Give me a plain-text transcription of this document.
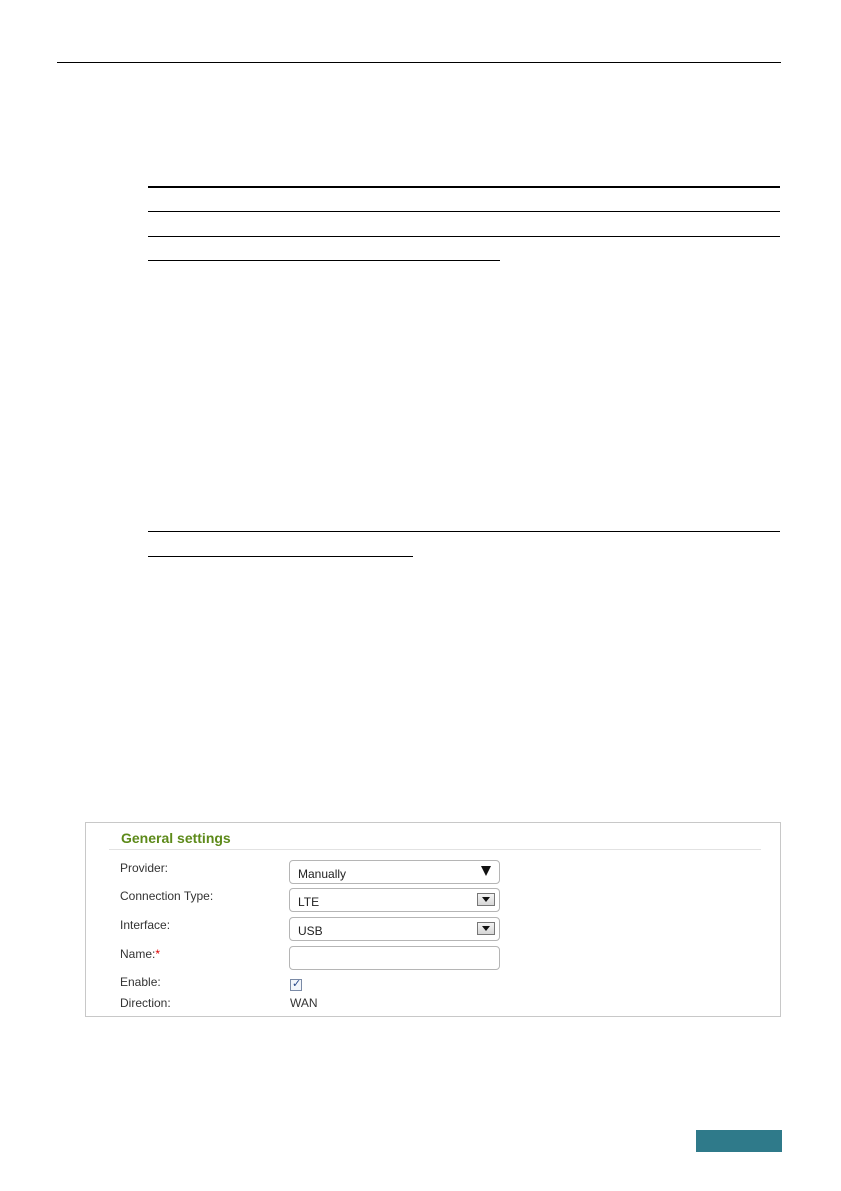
General settings
Provider:	Manually
Connection Type:	LTE
Interface:	USB
Name:*
Enable:	✓
Direction:	WAN
